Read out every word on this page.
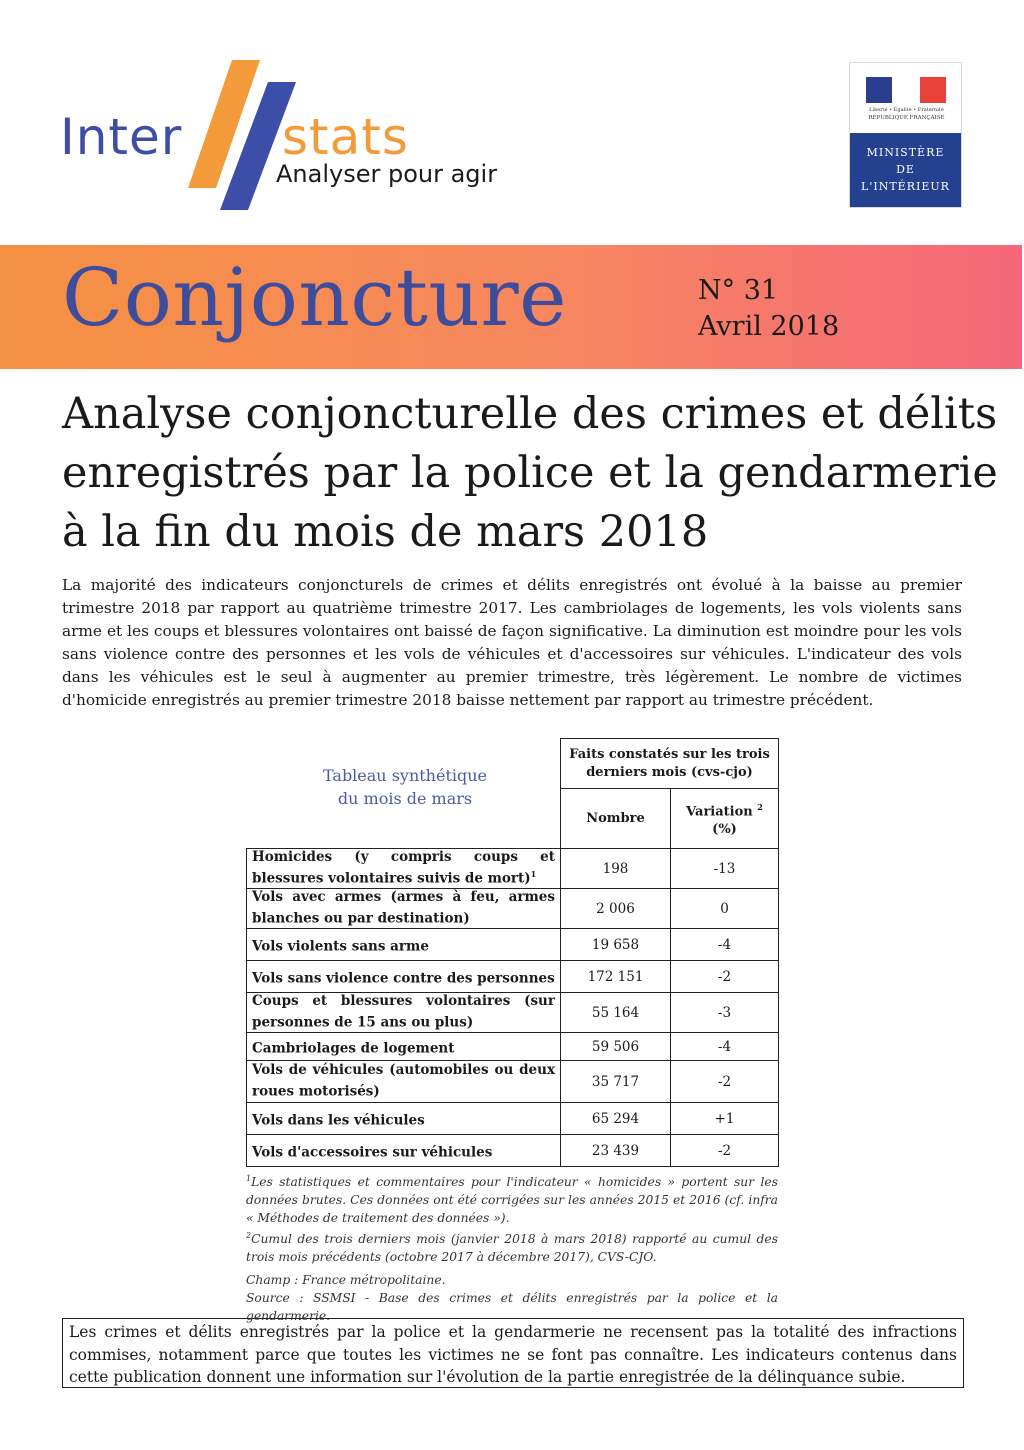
Inter stats
Analyser pour agir
Liberté • Égalité • Fraternité
RÉPUBLIQUE FRANÇAISE
MINISTÈRE
DE
L'INTÉRIEUR
Conjoncture	N° 31
Avril 2018
Analyse conjoncturelle des crimes et délits
enregistrés par la police et la gendarmerie
à la fin du mois de mars 2018

La majorité des indicateurs conjoncturels de crimes et délits enregistrés ont évolué à la baisse au premier trimestre 2018 par rapport au quatrième trimestre 2017. Les cambriolages de logements, les vols violents sans arme et les coups et blessures volontaires ont baissé de façon significative. La diminution est moindre pour les vols sans violence contre des personnes et les vols de véhicules et d'accessoires sur véhicules. L'indicateur des vols dans les véhicules est le seul à augmenter au premier trimestre, très légèrement. Le nombre de victimes d'homicide enregistrés au premier trimestre 2018 baisse nettement par rapport au trimestre précédent.

Tableau synthétique
du mois de mars
	Faits constatés sur les trois derniers mois (cvs-cjo)	
	Nombre	Variation $^2$
(%)
Homicides (y compris coups et blessures volontaires suivis de mort)$^1$	198	-13
Vols avec armes (armes à feu, armes blanches ou par destination)	2 006	0
Vols violents sans arme	19 658	-4
Vols sans violence contre des personnes	172 151	-2
Coups et blessures volontaires (sur personnes de 15 ans ou plus)	55 164	-3
Cambriolages de logement	59 506	-4
Vols de véhicules (automobiles ou deux roues motorisés)	35 717	-2
Vols dans les véhicules	65 294	+1
Vols d'accessoires sur véhicules	23 439	-2

$^1$Les statistiques et commentaires pour l'indicateur « homicides » portent sur les données brutes. Ces données ont été corrigées sur les années 2015 et 2016 (cf. infra « Méthodes de traitement des données »).

$^2$Cumul des trois derniers mois (janvier 2018 à mars 2018) rapporté au cumul des trois mois précédents (octobre 2017 à décembre 2017), CVS-CJO.

Champ : France métropolitaine.

Source : SSMSI - Base des crimes et délits enregistrés par la police et la gendarmerie.

Les crimes et délits enregistrés par la police et la gendarmerie ne recensent pas la totalité des infractions commises, notamment parce que toutes les victimes ne se font pas connaître. Les indicateurs contenus dans cette publication donnent une information sur l'évolution de la partie enregistrée de la délinquance subie.
